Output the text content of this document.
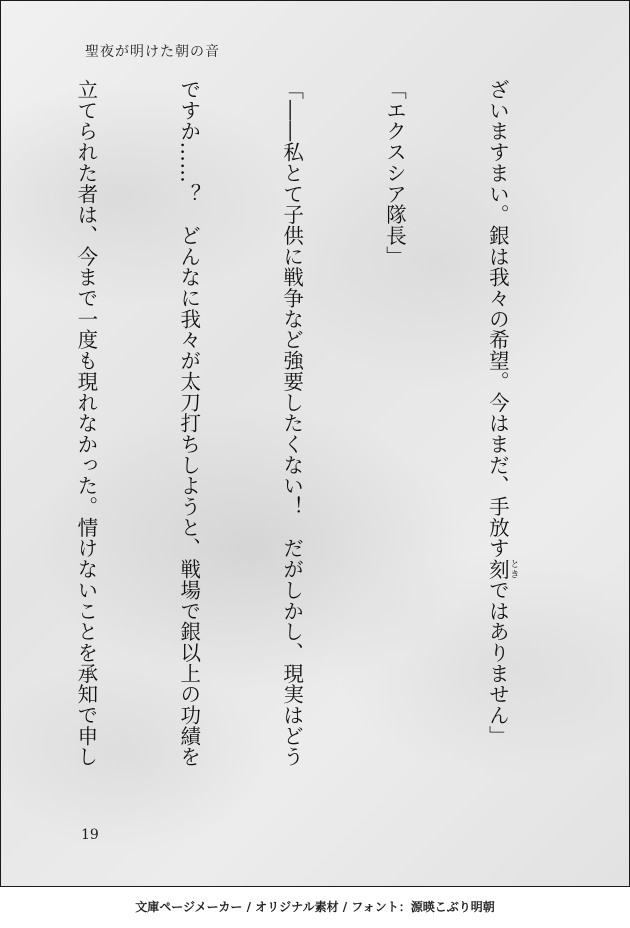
聖夜が明けた朝の音

ざいますまい。銀は我々の希望。今はまだ、手放す刻 ときではありません」

「エクスシア隊長」

「――私とて子供に戦争など強要したくない！　だがしかし、現実はどう

ですか……？　どんなに我々が太刀打ちしようと、戦場で銀以上の功績を

立てられた者は、今まで一度も現れなかった。情けないことを承知で申し

19
文庫ページメーカー / オリジナル素材 / フォント：源暎こぶり明朝
